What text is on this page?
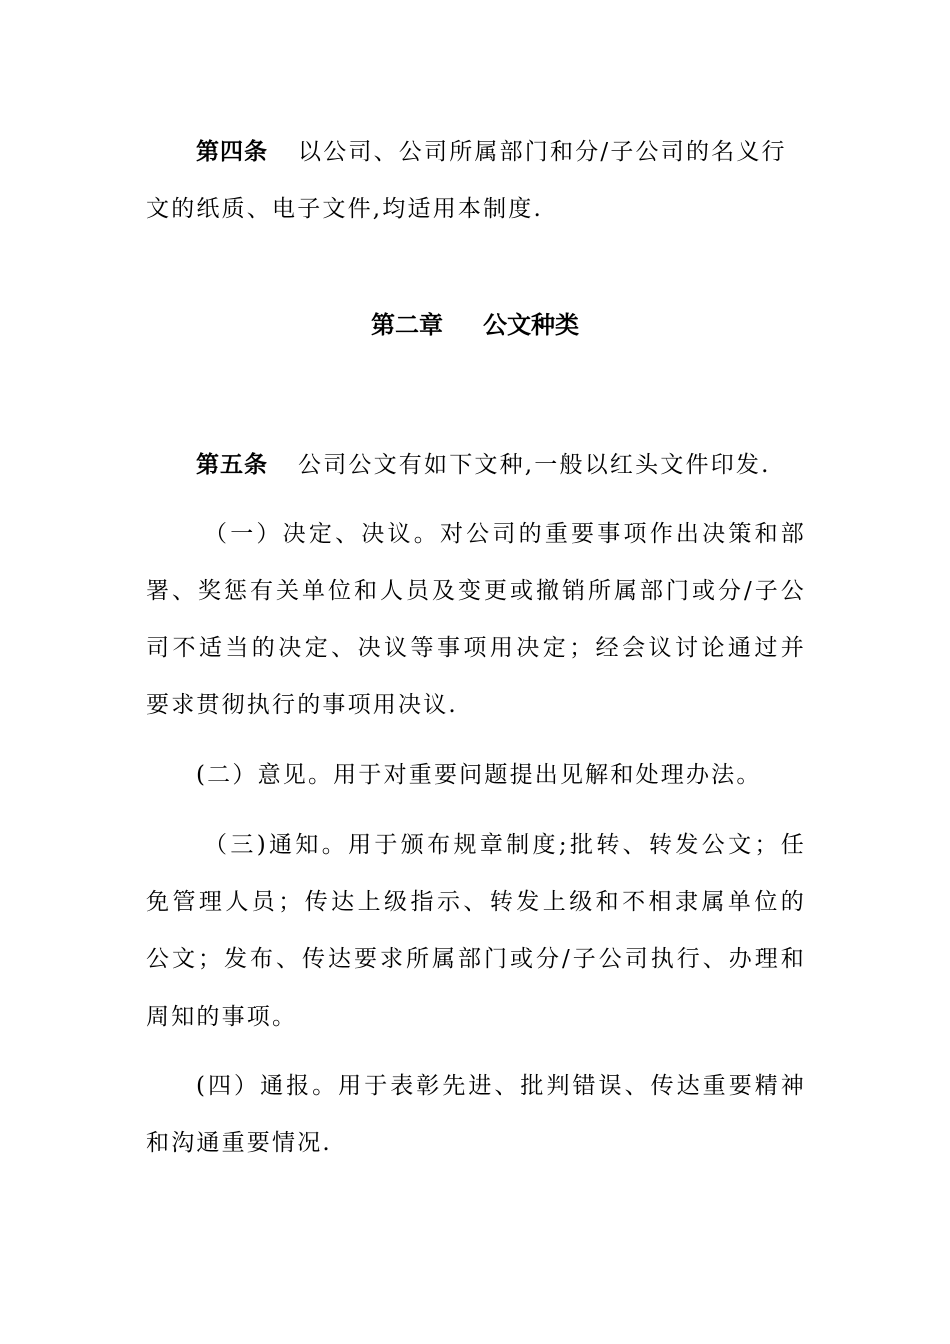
第四条 以公司、公司所属部门和分/子公司的名义行
文的纸质、电子文件,均适用本制度.
第二章 公文种类
第五条 公司公文有如下文种,一般以红头文件印发.
（一）决定、决议。对公司的重要事项作出决策和部
署、奖惩有关单位和人员及变更或撤销所属部门或分/子公
司不适当的决定、决议等事项用决定；经会议讨论通过并
要求贯彻执行的事项用决议.
(二）意见。用于对重要问题提出见解和处理办法。
（三)通知。用于颁布规章制度;批转、转发公文；任
免管理人员；传达上级指示、转发上级和不相隶属单位的
公文；发布、传达要求所属部门或分/子公司执行、办理和
周知的事项。
(四）通报。用于表彰先进、批判错误、传达重要精神
和沟通重要情况.
